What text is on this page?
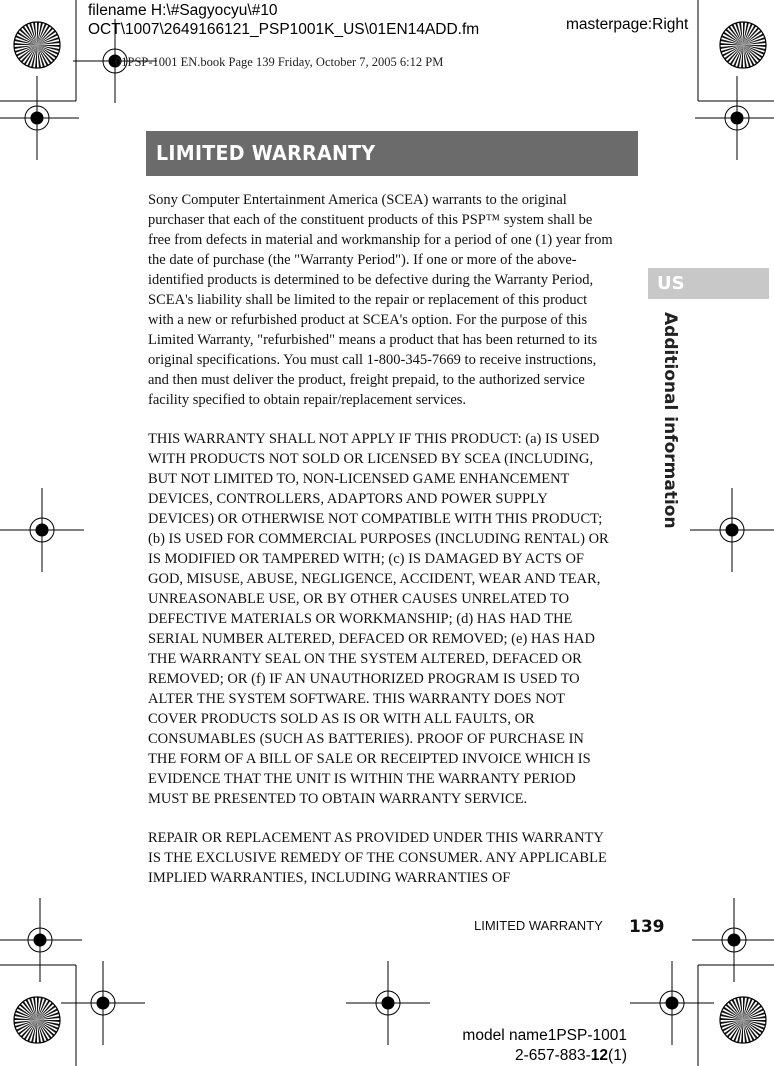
filename H:\#Sagyocyu\#10
OCT\1007\2649166121_PSP1001K_US\01EN14ADD.fm	masterpage:Right
01PSP-1001 EN.book Page 139 Friday, October 7, 2005 6:12 PM
LIMITED WARRANTY
US
Additional information
Sony Computer Entertainment America (SCEA) warrants to the original
purchaser that each of the constituent products of this PSP™ system shall be
free from defects in material and workmanship for a period of one (1) year from
the date of purchase (the "Warranty Period"). If one or more of the above-
identified products is determined to be defective during the Warranty Period,
SCEA's liability shall be limited to the repair or replacement of this product
with a new or refurbished product at SCEA's option. For the purpose of this
Limited Warranty, "refurbished" means a product that has been returned to its
original specifications. You must call 1-800-345-7669 to receive instructions,
and then must deliver the product, freight prepaid, to the authorized service
facility specified to obtain repair/replacement services.
THIS WARRANTY SHALL NOT APPLY IF THIS PRODUCT: (a) IS USED
WITH PRODUCTS NOT SOLD OR LICENSED BY SCEA (INCLUDING,
BUT NOT LIMITED TO, NON-LICENSED GAME ENHANCEMENT
DEVICES, CONTROLLERS, ADAPTORS AND POWER SUPPLY
DEVICES) OR OTHERWISE NOT COMPATIBLE WITH THIS PRODUCT;
(b) IS USED FOR COMMERCIAL PURPOSES (INCLUDING RENTAL) OR
IS MODIFIED OR TAMPERED WITH; (c) IS DAMAGED BY ACTS OF
GOD, MISUSE, ABUSE, NEGLIGENCE, ACCIDENT, WEAR AND TEAR,
UNREASONABLE USE, OR BY OTHER CAUSES UNRELATED TO
DEFECTIVE MATERIALS OR WORKMANSHIP; (d) HAS HAD THE
SERIAL NUMBER ALTERED, DEFACED OR REMOVED; (e) HAS HAD
THE WARRANTY SEAL ON THE SYSTEM ALTERED, DEFACED OR
REMOVED; OR (f) IF AN UNAUTHORIZED PROGRAM IS USED TO
ALTER THE SYSTEM SOFTWARE. THIS WARRANTY DOES NOT
COVER PRODUCTS SOLD AS IS OR WITH ALL FAULTS, OR
CONSUMABLES (SUCH AS BATTERIES). PROOF OF PURCHASE IN
THE FORM OF A BILL OF SALE OR RECEIPTED INVOICE WHICH IS
EVIDENCE THAT THE UNIT IS WITHIN THE WARRANTY PERIOD
MUST BE PRESENTED TO OBTAIN WARRANTY SERVICE.
REPAIR OR REPLACEMENT AS PROVIDED UNDER THIS WARRANTY
IS THE EXCLUSIVE REMEDY OF THE CONSUMER. ANY APPLICABLE
IMPLIED WARRANTIES, INCLUDING WARRANTIES OF
LIMITED WARRANTY 139
model name1PSP-1001
2-657-883-12(1)
